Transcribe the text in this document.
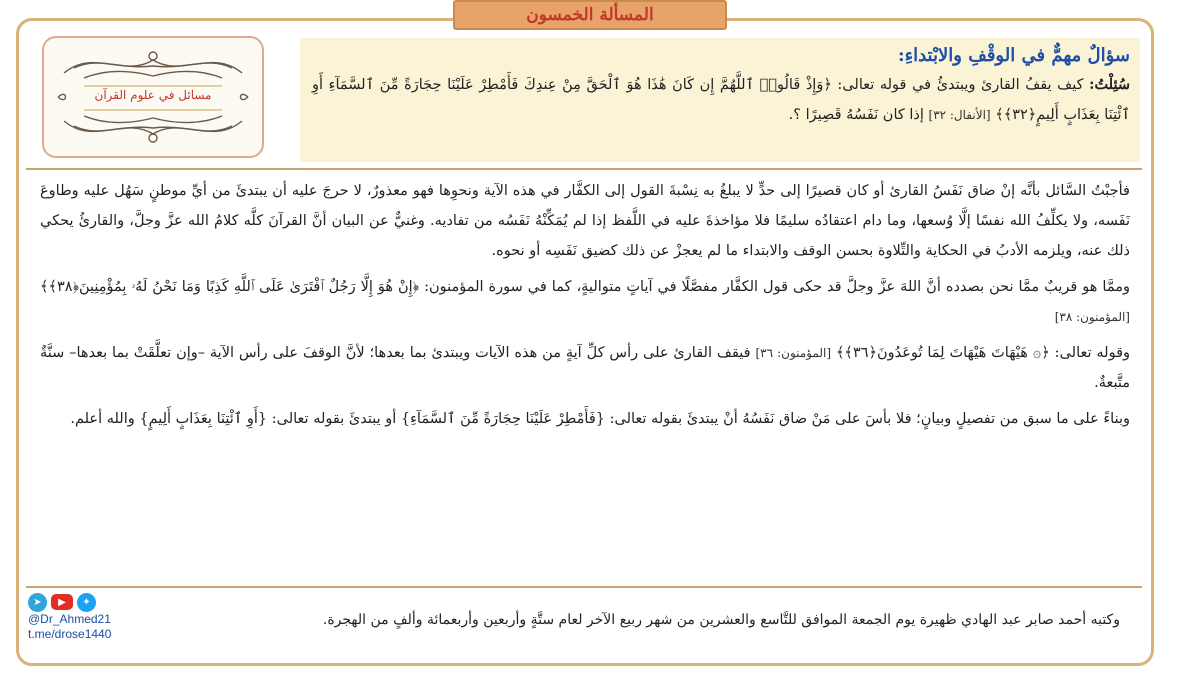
المسألة الخمسون
مسائل في علوم القرآن
سؤالٌ مهمٌّ في الوقْفِ والابْتداءِ:
سُئِلْتُ: كيف يقفُ القارئ ويبتدئُ في قوله تعالى: ﴿وَإِذْ قَالُوا۟ ٱللَّهُمَّ إِن كَانَ هَٰذَا هُوَ ٱلْحَقَّ مِنْ عِندِكَ فَأَمْطِرْ عَلَيْنَا حِجَارَةً مِّنَ ٱلسَّمَآءِ أَوِ ٱئْتِنَا بِعَذَابٍ أَلِيمٍ﴿٣٢﴾﴾ [الأنفال: ٣٢] إذا كان نَفَسُهُ قَصِيرًا ؟.

فأجبْتُ السَّائل بأنَّه إنْ ضاق نَفَسُ القارئ أو كان قصيرًا إلى حدٍّ لا يبلغُ به نِسْبةَ القول إلى الكفَّار في هذه الآية ونحوِها فهو معذورٌ، لا حرجَ عليه أن يبتدئَ من أيِّ موطنٍ سَهُل عليه وطاوعَ نَفَسه، ولا يكلِّفُ الله نفسًا إلَّا وُسعها، وما دام اعتقادُه سليمًا فلا مؤاخذةَ عليه في اللَّفظ إذا لم يُمَكِّنْهُ نَفَسُه من تفاديه. وغنيٌّ عن البيان أنَّ القرآنَ كلَّه كلامُ الله عزَّ وجلَّ، والقارئُ يحكي ذلك عنه، ويلزمه الأدبُ في الحكاية والتِّلاوة بحسن الوقف والابتداء ما لم يعجزْ عن ذلك كضيق نَفَسِه أو نحوه.

وممَّا هو قريبٌ ممَّا نحن بصدده أنَّ اللهَ عزَّ وجلَّ قد حكى قول الكفَّار مفصَّلًا في آياتٍ متواليةٍ، كما في سورة المؤمنون: ﴿إِنْ هُوَ إِلَّا رَجُلٌ ٱفْتَرَىٰ عَلَى ٱللَّهِ كَذِبًا وَمَا نَحْنُ لَهُۥ بِمُؤْمِنِينَ﴿٣٨﴾﴾ [المؤمنون: ٣٨]

وقوله تعالى: ﴿۞ هَيْهَاتَ هَيْهَاتَ لِمَا تُوعَدُونَ﴿٣٦﴾﴾ [المؤمنون: ٣٦] فيقف القارئ على رأس كلِّ آيةٍ من هذه الآيات ويبتدئ بما بعدها؛ لأنَّ الوقفَ على رأس الآية –وإن تعلَّقَتْ بما بعدها– سنَّةٌ متَّبعةٌ.

وبناءً على ما سبق من تفصيلٍ وبيانٍ؛ فلا بأسَ على مَنْ ضاق نَفَسُهُ أنْ يبتدئَ بقوله تعالى: {فَأَمْطِرْ عَلَيْنَا حِجَارَةً مِّنَ ٱلسَّمَآءِ} أو يبتدئَ بقوله تعالى: {أَوِ ٱئْتِنَا بِعَذَابٍ أَلِيمٍ} والله أعلم.

وكتبه أحمد صابر عبد الهادي ظهيرة يوم الجمعة الموافق للتَّاسع والعشرين من شهر ربيع الآخر لعام ستَّةٍ وأربعين وأربعمائة وألفٍ من الهجرة.
➤	▶	✦
@Dr_Ahmed21
t.me/drose1440
